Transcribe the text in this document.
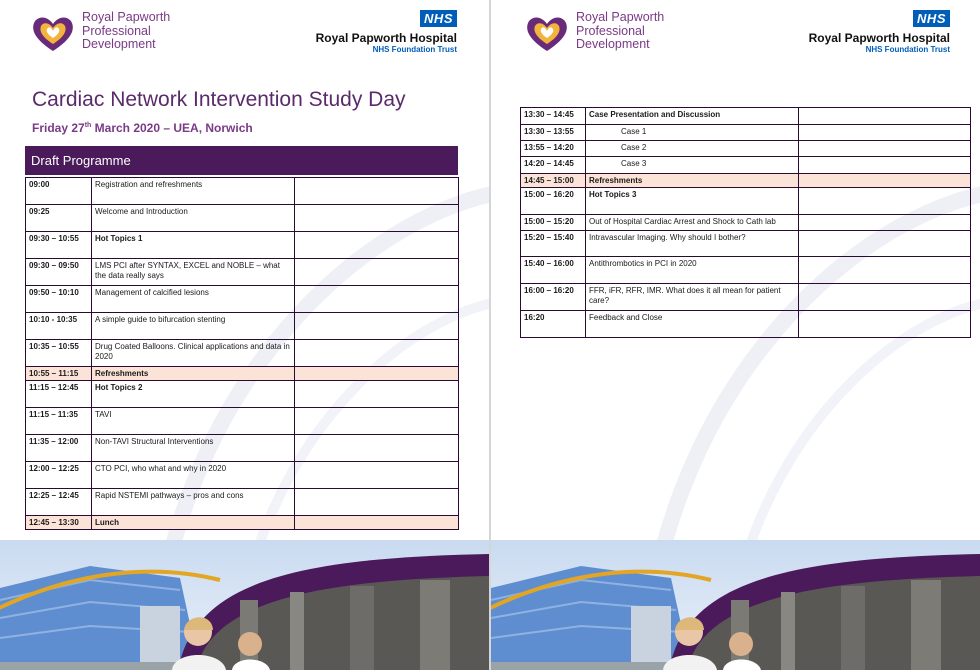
Royal Papworth
Professional
Development
NHS
Royal Papworth Hospital
NHS Foundation Trust
Cardiac Network Intervention Study Day
Friday 27th March 2020 – UEA, Norwich
Draft Programme
09:00	Registration and refreshments	
09:25	Welcome and Introduction	
09:30 – 10:55	Hot Topics 1	
09:30 – 09:50	LMS PCI after SYNTAX, EXCEL and NOBLE – what the data really says	
09:50 – 10:10	Management of calcified lesions	
10:10 - 10:35	A simple guide to bifurcation stenting	
10:35 – 10:55	Drug Coated Balloons. Clinical applications and data in 2020	
10:55 – 11:15	Refreshments	
11:15 – 12:45	Hot Topics 2	
11:15 – 11:35	TAVI	
11:35 – 12:00	Non-TAVI Structural Interventions	
12:00 – 12:25	CTO PCI, who what and why in 2020	
12:25 – 12:45	Rapid NSTEMI pathways – pros and cons	
12:45 – 13:30	Lunch	
Royal Papworth
Professional
Development
NHS
Royal Papworth Hospital
NHS Foundation Trust
13:30 – 14:45	Case Presentation and Discussion	
13:30 – 13:55	Case 1	
13:55 – 14:20	Case 2	
14:20 – 14:45	Case 3	
14:45 – 15:00	Refreshments	
15:00 – 16:20	Hot Topics 3	
15:00 – 15:20	Out of Hospital Cardiac Arrest and Shock to Cath lab	
15:20 – 15:40	Intravascular Imaging. Why should I bother?	
15:40 – 16:00	Antithrombotics in PCI in 2020	
16:00 – 16:20	FFR, iFR, RFR, IMR. What does it all mean for patient care?	
16:20	Feedback and Close	
